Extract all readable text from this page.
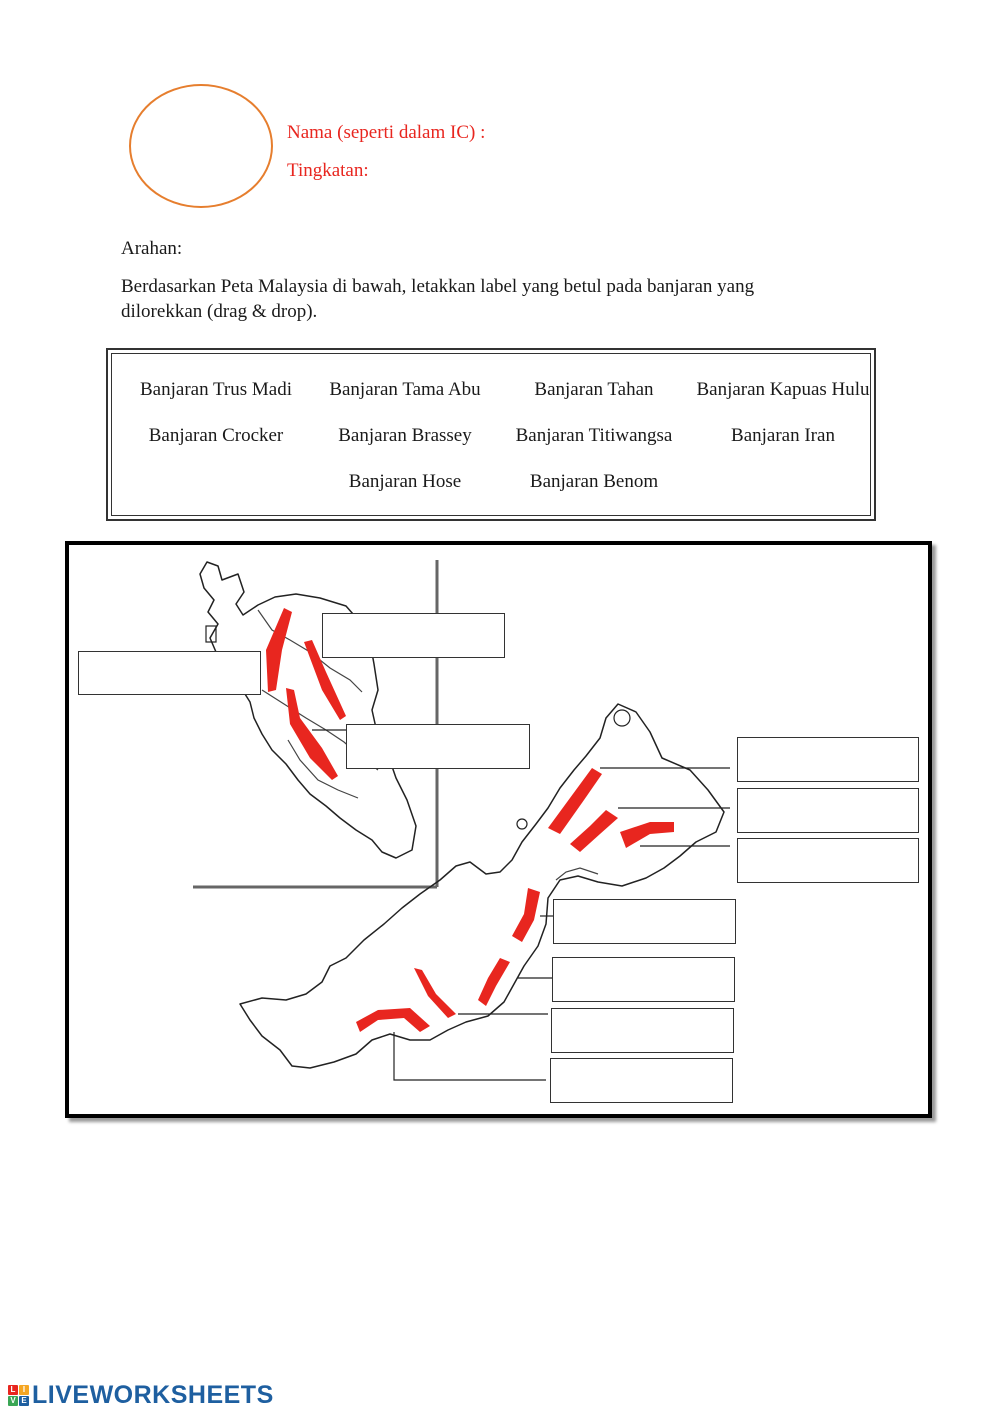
Nama (seperti dalam IC) :
Tingkatan:
Arahan:
Berdasarkan Peta Malaysia di bawah, letakkan label yang betul pada banjaran yang
dilorekkan (drag & drop).
Banjaran Trus Madi	Banjaran Tama Abu	Banjaran Tahan	Banjaran Kapuas Hulu
Banjaran Crocker	Banjaran Brassey	Banjaran Titiwangsa	Banjaran Iran
Banjaran Hose	Banjaran Benom
L I
V E LIVEWORKSHEETS
